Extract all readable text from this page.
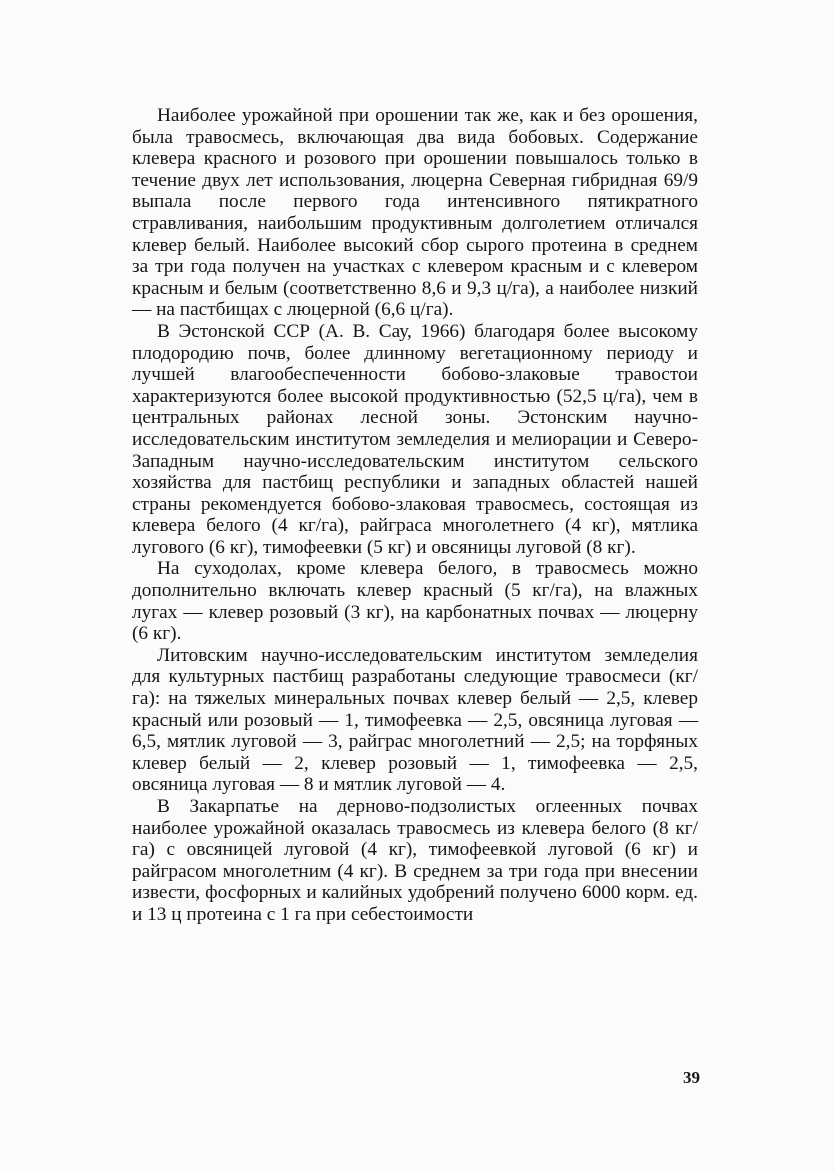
Наиболее урожайной при орошении так же, как и без орошения, была травосмесь, включающая два вида бобовых. Содержание клевера красного и розового при орошении повышалось только в течение двух лет использования, люцерна Северная гибридная 69/9 выпала после первого года интенсивного пятикратного стравливания, наибольшим продуктивным долголетием отличался клевер белый. Наиболее высокий сбор сырого протеина в среднем за три года получен на участках с клевером красным и с клевером красным и белым (соответственно 8,6 и 9,3 ц/га), а наиболее низкий — на пастбищах с люцерной (6,6 ц/га).

В Эстонской ССР (А. В. Сау, 1966) благодаря более высокому плодородию почв, более длинному вегетационному периоду и лучшей влагообеспеченности бобово-злаковые травостои характеризуются более высокой продуктивностью (52,5 ц/га), чем в центральных районах лесной зоны. Эстонским научно-исследовательским институтом земледелия и мелиорации и Северо-Западным научно-исследовательским институтом сельского хозяйства для пастбищ республики и западных областей нашей страны рекомендуется бобово-злаковая травосмесь, состоящая из клевера белого (4 кг/га), райграса многолетнего (4 кг), мятлика лугового (6 кг), тимофеевки (5 кг) и овсяницы луговой (8 кг).

На суходолах, кроме клевера белого, в травосмесь можно дополнительно включать клевер красный (5 кг/га), на влажных лугах — клевер розовый (3 кг), на карбонатных почвах — люцерну (6 кг).

Литовским научно-исследовательским институтом земледелия для культурных пастбищ разработаны следующие травосмеси (кг/га): на тяжелых минеральных почвах клевер белый — 2,5, клевер красный или розовый — 1, тимофеевка — 2,5, овсяница луговая — 6,5, мятлик луговой — 3, райграс многолетний — 2,5; на торфяных клевер белый — 2, клевер розовый — 1, тимофеевка — 2,5, овсяница луговая — 8 и мятлик луговой — 4.

В Закарпатье на дерново-подзолистых оглеенных почвах наиболее урожайной оказалась травосмесь из клевера белого (8 кг/га) с овсяницей луговой (4 кг), тимофеевкой луговой (6 кг) и райграсом многолетним (4 кг). В среднем за три года при внесении извести, фосфорных и калийных удобрений получено 6000 корм. ед. и 13 ц протеина с 1 га при себестоимости

39
